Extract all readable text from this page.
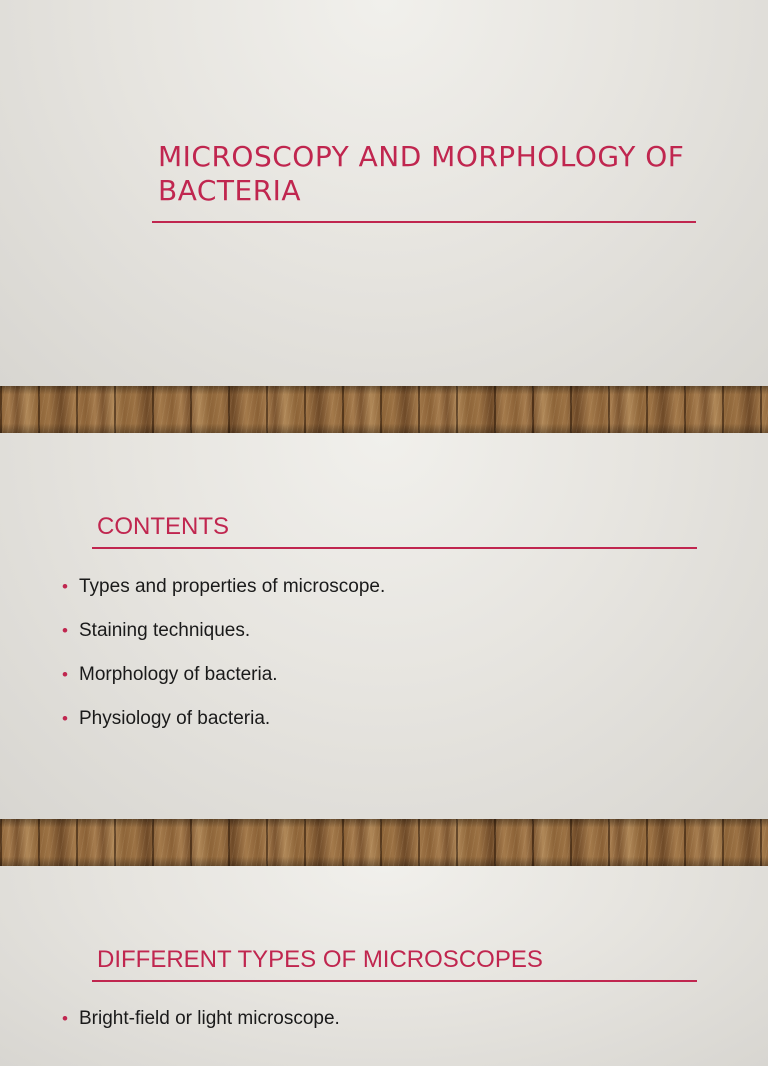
MICROSCOPY AND MORPHOLOGY OF BACTERIA
CONTENTS
• Types and properties of microscope.
• Staining techniques.
• Morphology of bacteria.
• Physiology of bacteria.
DIFFERENT TYPES OF MICROSCOPES
• Bright-field or light microscope.
